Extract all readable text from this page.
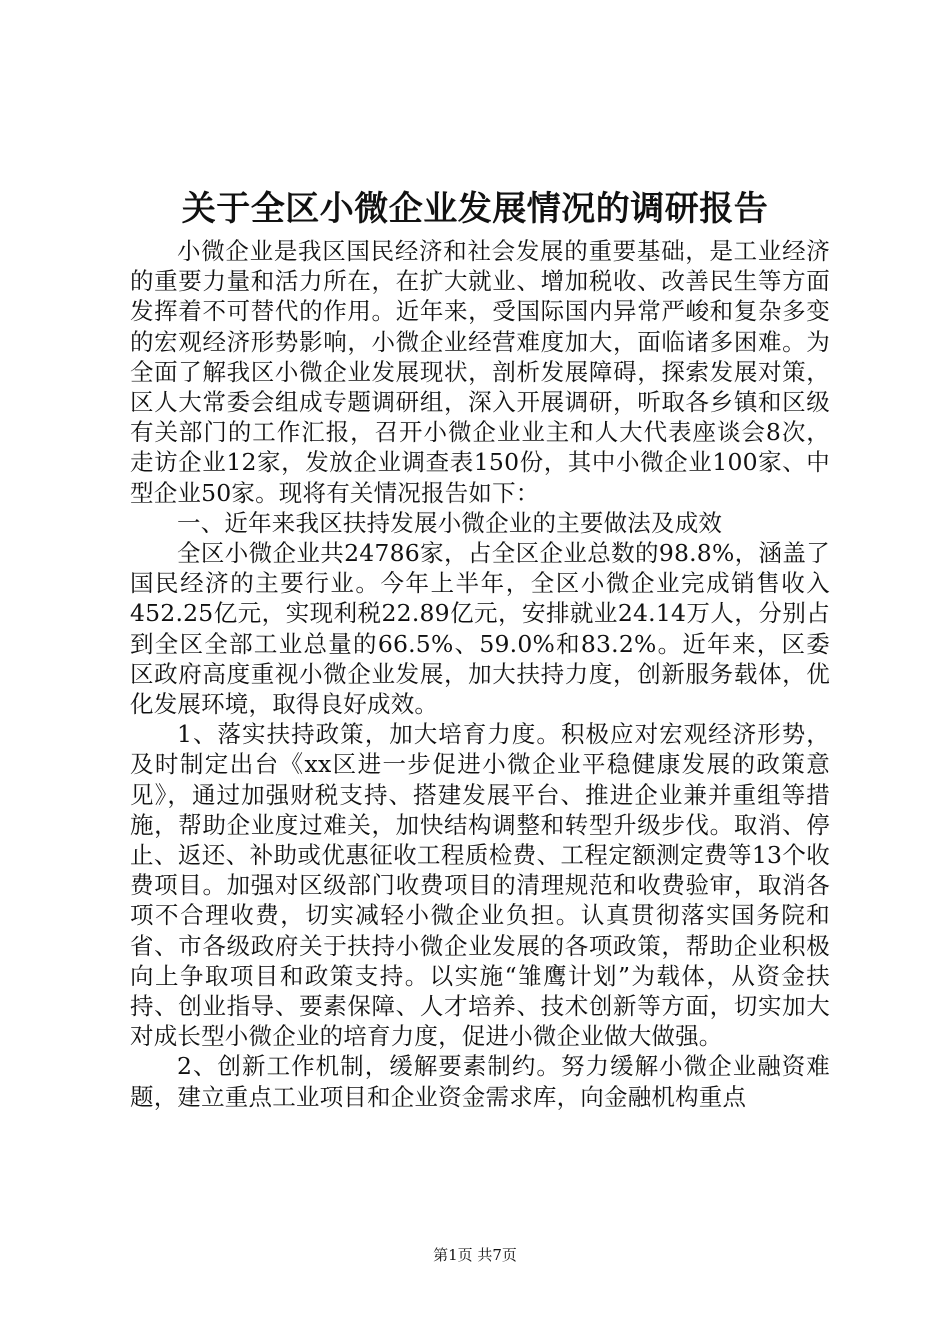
关于全区小微企业发展情况的调研报告

小微企业是我区国民经济和社会发展的重要基础，是工业经济的重要力量和活力所在，在扩大就业、增加税收、改善民生等方面发挥着不可替代的作用。近年来，受国际国内异常严峻和复杂多变的宏观经济形势影响，小微企业经营难度加大，面临诸多困难。为全面了解我区小微企业发展现状，剖析发展障碍，探索发展对策，区人大常委会组成专题调研组，深入开展调研，听取各乡镇和区级有关部门的工作汇报，召开小微企业业主和人大代表座谈会8次，走访企业12家，发放企业调查表150份，其中小微企业100家、中型企业50家。现将有关情况报告如下：

一、近年来我区扶持发展小微企业的主要做法及成效

全区小微企业共24786家，占全区企业总数的98.8%，涵盖了国民经济的主要行业。今年上半年，全区小微企业完成销售收入452.25亿元，实现利税22.89亿元，安排就业24.14万人，分别占到全区全部工业总量的66.5%、59.0%和83.2%。近年来，区委区政府高度重视小微企业发展，加大扶持力度，创新服务载体，优化发展环境，取得良好成效。

1、落实扶持政策，加大培育力度。积极应对宏观经济形势，及时制定出台《xx区进一步促进小微企业平稳健康发展的政策意见》，通过加强财税支持、搭建发展平台、推进企业兼并重组等措施，帮助企业度过难关，加快结构调整和转型升级步伐。取消、停止、返还、补助或优惠征收工程质检费、工程定额测定费等13个收费项目。加强对区级部门收费项目的清理规范和收费验审，取消各项不合理收费，切实减轻小微企业负担。认真贯彻落实国务院和省、市各级政府关于扶持小微企业发展的各项政策，帮助企业积极向上争取项目和政策支持。以实施“雏鹰计划”为载体，从资金扶持、创业指导、要素保障、人才培养、技术创新等方面，切实加大对成长型小微企业的培育力度，促进小微企业做大做强。

2、创新工作机制，缓解要素制约。努力缓解小微企业融资难题，建立重点工业项目和企业资金需求库，向金融机构重点

第1页 共7页
